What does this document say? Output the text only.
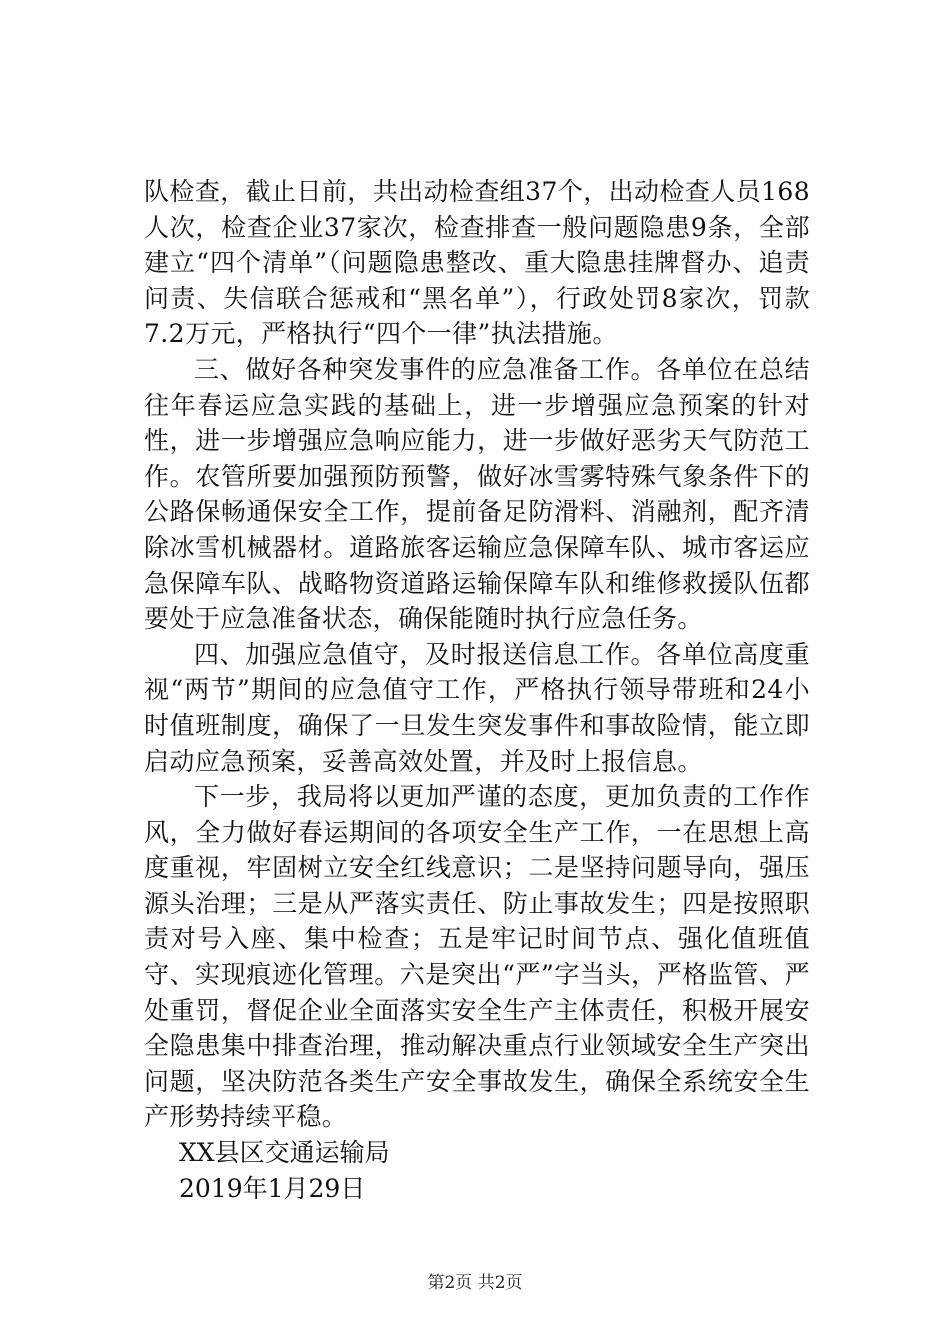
队检查，截止日前，共出动检查组37个，出动检查人员168人次，检查企业37家次，检查排查一般问题隐患9条，全部建立“四个清单”（问题隐患整改、重大隐患挂牌督办、追责问责、失信联合惩戒和“黑名单”），行政处罚8家次，罚款7.2万元，严格执行“四个一律”执法措施。

三、做好各种突发事件的应急准备工作。各单位在总结往年春运应急实践的基础上，进一步增强应急预案的针对性，进一步增强应急响应能力，进一步做好恶劣天气防范工作。农管所要加强预防预警，做好冰雪雾特殊气象条件下的公路保畅通保安全工作，提前备足防滑料、消融剂，配齐清除冰雪机械器材。道路旅客运输应急保障车队、城市客运应急保障车队、战略物资道路运输保障车队和维修救援队伍都要处于应急准备状态，确保能随时执行应急任务。

四、加强应急值守，及时报送信息工作。各单位高度重视“两节”期间的应急值守工作，严格执行领导带班和24小时值班制度，确保了一旦发生突发事件和事故险情，能立即启动应急预案，妥善高效处置，并及时上报信息。

下一步，我局将以更加严谨的态度，更加负责的工作作风，全力做好春运期间的各项安全生产工作，一在思想上高度重视，牢固树立安全红线意识；二是坚持问题导向，强压源头治理；三是从严落实责任、防止事故发生；四是按照职责对号入座、集中检查；五是牢记时间节点、强化值班值守、实现痕迹化管理。六是突出“严”字当头，严格监管、严处重罚，督促企业全面落实安全生产主体责任，积极开展安全隐患集中排查治理，推动解决重点行业领域安全生产突出问题，坚决防范各类生产安全事故发生，确保全系统安全生产形势持续平稳。

XX县区交通运输局

2019年1月29日

第2页 共2页
